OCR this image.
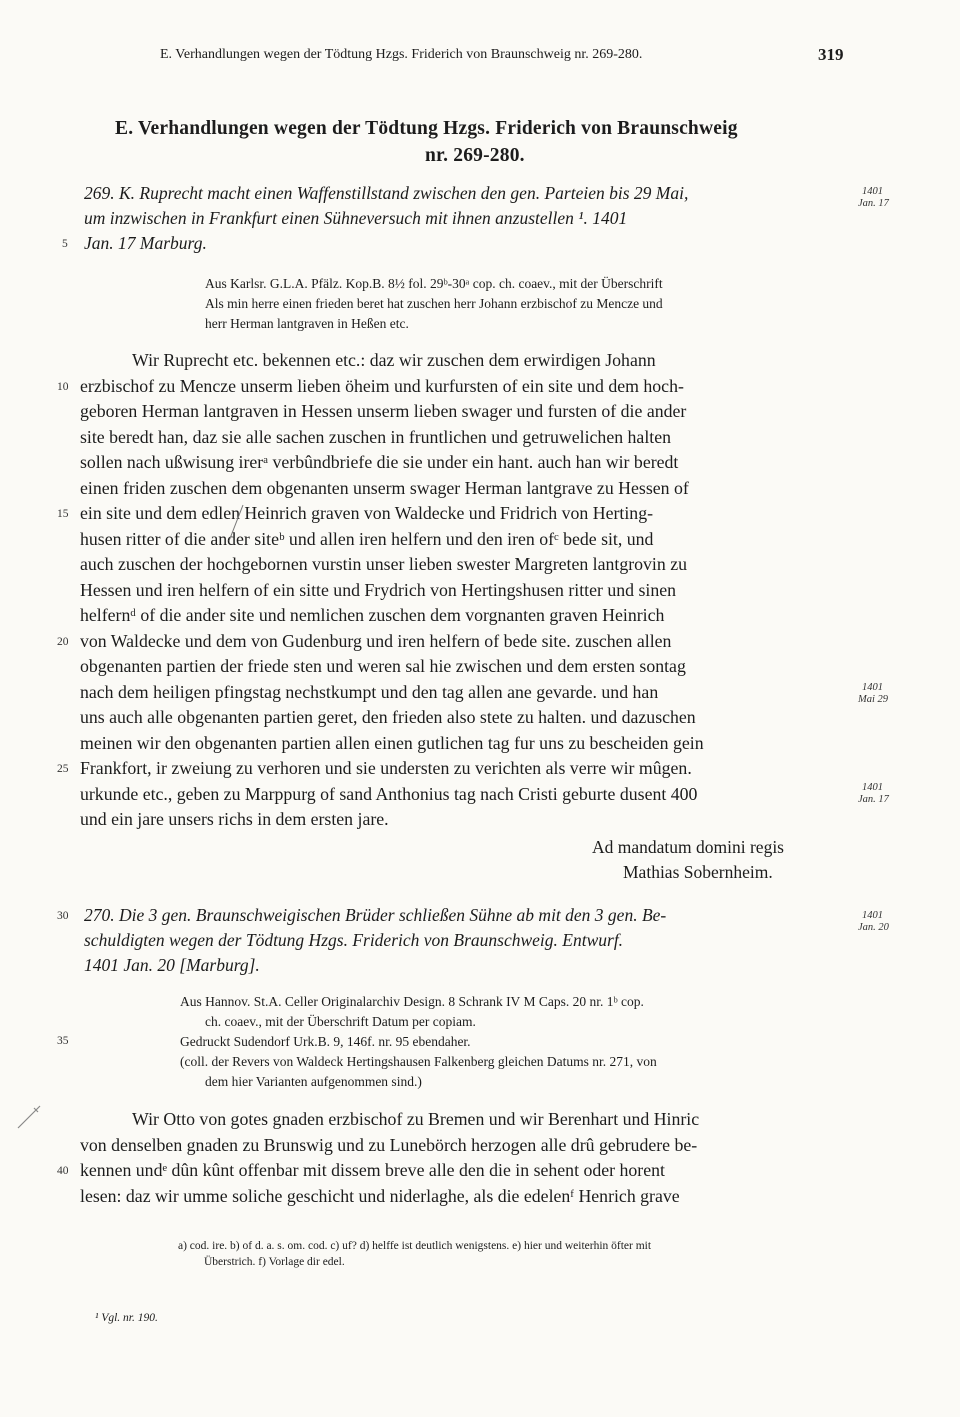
E. Verhandlungen wegen der Tödtung Hzgs. Friderich von Braunschweig nr. 269-280.	319
E. Verhandlungen wegen der Tödtung Hzgs. Friderich von Braunschweig
nr. 269-280.
269. K. Ruprecht macht einen Waffenstillstand zwischen den gen. Parteien bis 29 Mai,
um inzwischen in Frankfurt einen Sühneversuch mit ihnen anzustellen ¹. 1401
Jan. 17 Marburg.
Aus Karlsr. G.L.A. Pfälz. Kop.B. 8½ fol. 29ᵇ-30ᵃ cop. ch. coaev., mit der Überschrift
Als min herre einen frieden beret hat zuschen herr Johann erzbischof zu Mencze und
herr Herman lantgraven in Heßen etc.
Wir Ruprecht etc. bekennen etc.: daz wir zuschen dem erwirdigen Johann
erzbischof zu Mencze unserm lieben öheim und kurfursten of ein site und dem hoch-
geboren Herman lantgraven in Hessen unserm lieben swager und fursten of die ander
site beredt han, daz sie alle sachen zuschen in fruntlichen und getruwelichen halten
sollen nach ußwisung irerᵃ verbûndbriefe die sie under ein hant. auch han wir beredt
einen friden zuschen dem obgenanten unserm swager Herman lantgrave zu Hessen of
ein site und dem edlen Heinrich graven von Waldecke und Fridrich von Herting-
husen ritter of die ander siteᵇ und allen iren helfern und den iren ofᶜ bede sit, und
auch zuschen der hochgebornen vurstin unser lieben swester Margreten lantgrovin zu
Hessen und iren helfern of ein sitte und Frydrich von Hertingshusen ritter und sinen
helfernᵈ of die ander site und nemlichen zuschen dem vorgnanten graven Heinrich
von Waldecke und dem von Gudenburg und iren helfern of bede site. zuschen allen
obgenanten partien der friede sten und weren sal hie zwischen und dem ersten sontag
nach dem heiligen pfingstag nechstkumpt und den tag allen ane gevarde. und han
uns auch alle obgenanten partien geret, den frieden also stete zu halten. und dazuschen
meinen wir den obgenanten partien allen einen gutlichen tag fur uns zu bescheiden gein
Frankfort, ir zweiung zu verhoren und sie understen zu verichten als verre wir mûgen.
urkunde etc., geben zu Marppurg of sand Anthonius tag nach Cristi geburte dusent 400
und ein jare unsers richs in dem ersten jare.
Ad mandatum domini regis
Mathias Sobernheim.
270. Die 3 gen. Braunschweigischen Brüder schließen Sühne ab mit den 3 gen. Be-
schuldigten wegen der Tödtung Hzgs. Friderich von Braunschweig. Entwurf.
1401 Jan. 20 [Marburg].
Aus Hannov. St.A. Celler Originalarchiv Design. 8 Schrank IV M Caps. 20 nr. 1ᵇ cop.
ch. coaev., mit der Überschrift Datum per copiam.
Gedruckt Sudendorf Urk.B. 9, 146f. nr. 95 ebendaher.
(coll. der Revers von Waldeck Hertingshausen Falkenberg gleichen Datums nr. 271, von
dem hier Varianten aufgenommen sind.)
Wir Otto von gotes gnaden erzbischof zu Bremen und wir Berenhart und Hinric
von denselben gnaden zu Brunswig und zu Lunebörch herzogen alle drû gebrudere be-
kennen undᵉ dûn kûnt offenbar mit dissem breve alle den die in sehent oder horent
lesen: daz wir umme soliche geschicht und niderlaghe, als die edelenᶠ Henrich grave
a) cod. ire. b) of d. a. s. om. cod. c) uf? d) helffe ist deutlich wenigstens. e) hier und weiterhin öfter mit
Überstrich. f) Vorlage dir edel.
¹ Vgl. nr. 190.
5
10
15
20
25
30
35
40
1401
Jan. 17
1401
Mai 29
1401
Jan. 17
1401
Jan. 20
